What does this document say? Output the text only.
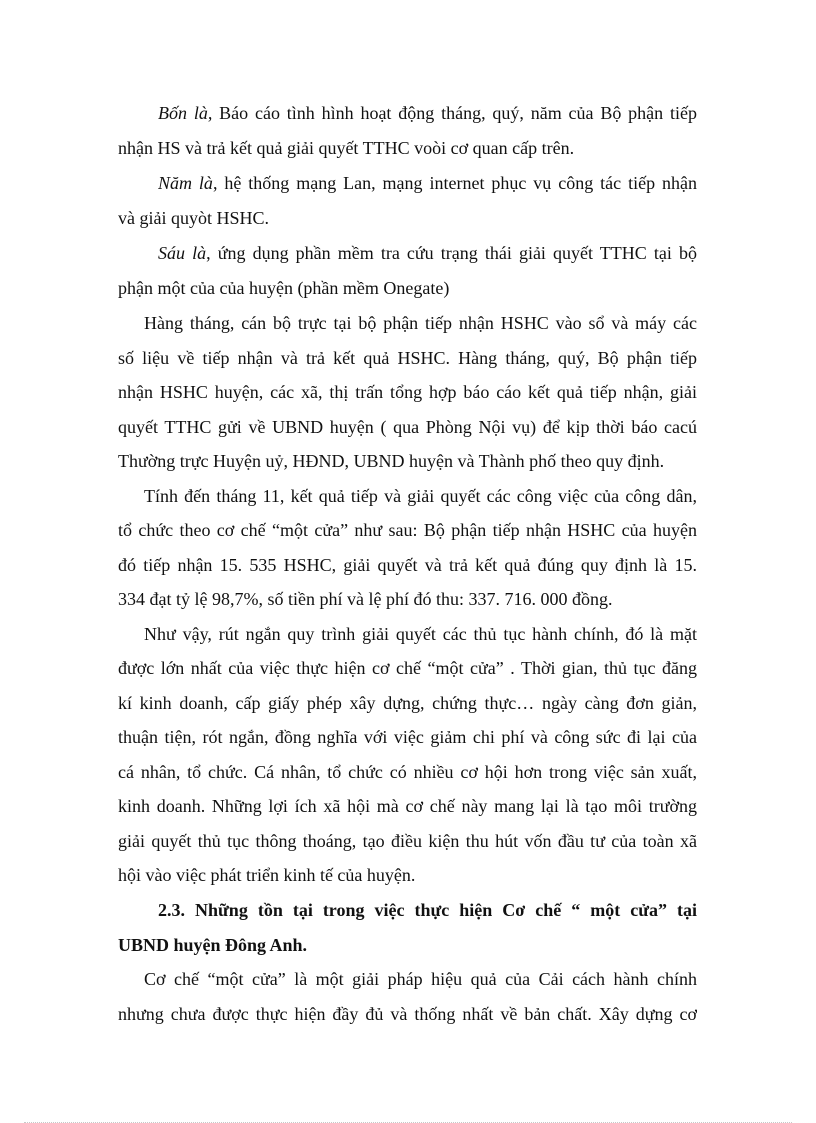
Bốn là, Báo cáo tình hình hoạt động tháng, quý, năm của Bộ phận tiếp
nhận HS và trả kết quả giải quyết TTHC voòi cơ quan cấp trên.
Năm là, hệ thống mạng Lan, mạng internet phục vụ công tác tiếp nhận
và giải quyòt HSHC.
Sáu là, ứng dụng phần mềm tra cứu trạng thái giải quyết TTHC tại bộ
phận một của của huyện (phần mềm Onegate)
Hàng tháng, cán bộ trực tại bộ phận tiếp nhận HSHC vào sổ và máy các
số liệu về tiếp nhận và trả kết quả HSHC. Hàng tháng, quý, Bộ phận tiếp
nhận HSHC huyện, các xã, thị trấn tổng hợp báo cáo kết quả tiếp nhận, giải
quyết TTHC gửi về UBND huyện ( qua Phòng Nội vụ) để kịp thời báo cacú
Thường trực Huyện uỷ, HĐND, UBND huyện và Thành phố theo quy định.
Tính đến tháng 11, kết quả tiếp và giải quyết các công việc của công dân,
tổ chức theo cơ chế “một cửa” như sau: Bộ phận tiếp nhận HSHC của huyện
đó tiếp nhận 15. 535 HSHC, giải quyết và trả kết quả đúng quy định là 15.
334 đạt tỷ lệ 98,7%, số tiền phí và lệ phí đó thu: 337. 716. 000 đồng.
Như vậy, rút ngắn quy trình giải quyết các thủ tục hành chính, đó là mặt
được lớn nhất của việc thực hiện cơ chế “một cửa” . Thời gian, thủ tục đăng
kí kinh doanh, cấp giấy phép xây dựng, chứng thực… ngày càng đơn giản,
thuận tiện, rót ngắn, đồng nghĩa với việc giảm chi phí và công sức đi lại của
cá nhân, tổ chức. Cá nhân, tổ chức có nhiều cơ hội hơn trong việc sản xuất,
kinh doanh. Những lợi ích xã hội mà cơ chế này mang lại là tạo môi trường
giải quyết thủ tục thông thoáng, tạo điều kiện thu hút vốn đầu tư của toàn xã
hội vào việc phát triển kinh tế của huyện.
2.3. Những tồn tại trong việc thực hiện Cơ chế “ một cửa” tại
UBND huyện Đông Anh.
Cơ chế “một cửa” là một giải pháp hiệu quả của Cải cách hành chính
nhưng chưa được thực hiện đầy đủ và thống nhất về bản chất. Xây dựng cơ
